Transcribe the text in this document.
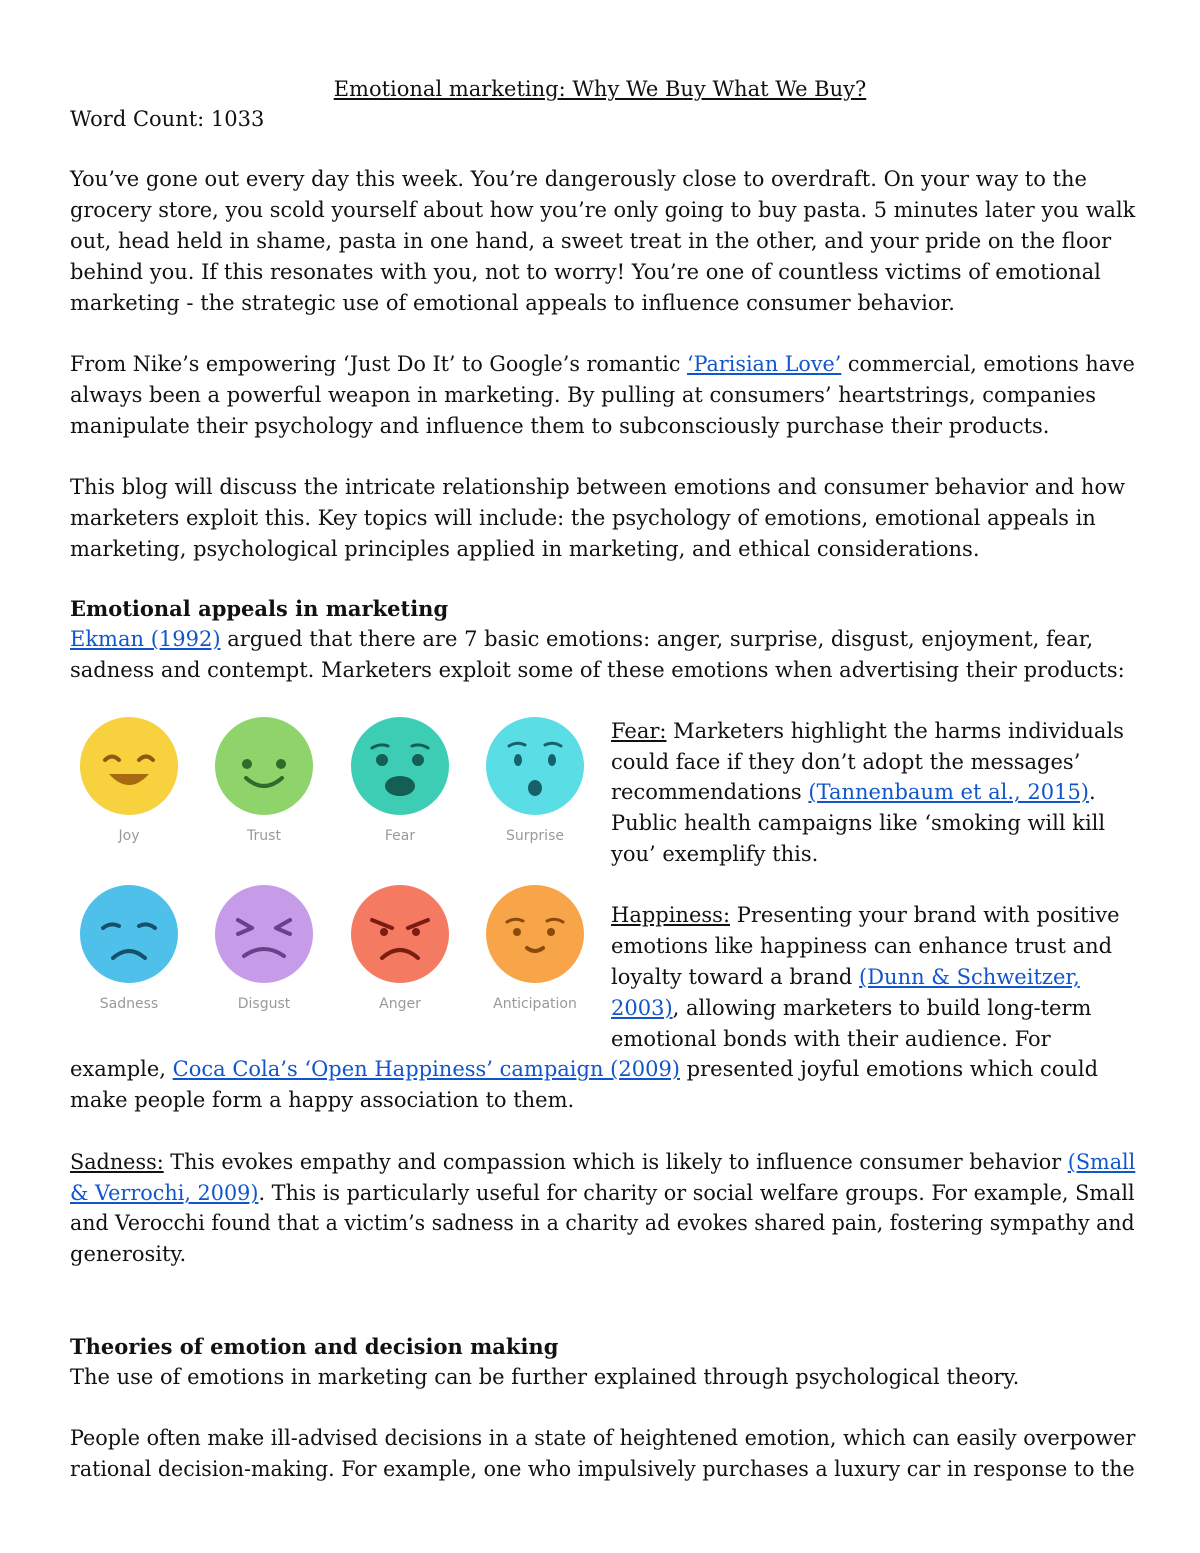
Emotional marketing: Why We Buy What We Buy?
Word Count: 1033
You’ve gone out every day this week. You’re dangerously close to overdraft. On your way to the
grocery store, you scold yourself about how you’re only going to buy pasta. 5 minutes later you walk
out, head held in shame, pasta in one hand, a sweet treat in the other, and your pride on the floor
behind you. If this resonates with you, not to worry! You’re one of countless victims of emotional
marketing - the strategic use of emotional appeals to influence consumer behavior.
From Nike’s empowering ‘Just Do It’ to Google’s romantic ‘Parisian Love’ commercial, emotions have
always been a powerful weapon in marketing. By pulling at consumers’ heartstrings, companies
manipulate their psychology and influence them to subconsciously purchase their products.
This blog will discuss the intricate relationship between emotions and consumer behavior and how
marketers exploit this. Key topics will include: the psychology of emotions, emotional appeals in
marketing, psychological principles applied in marketing, and ethical considerations.
Emotional appeals in marketing
Ekman (1992) argued that there are 7 basic emotions: anger, surprise, disgust, enjoyment, fear,
sadness and contempt. Marketers exploit some of these emotions when advertising their products:
Joy	Trust	Fear	Surprise
Sadness	Disgust	Anger	Anticipation
Fear: Marketers highlight the harms individuals
could face if they don’t adopt the messages’
recommendations (Tannenbaum et al., 2015).
Public health campaigns like ‘smoking will kill
you’ exemplify this.
Happiness: Presenting your brand with positive
emotions like happiness can enhance trust and
loyalty toward a brand (Dunn & Schweitzer,
2003), allowing marketers to build long-term
emotional bonds with their audience. For
example, Coca Cola’s ‘Open Happiness’ campaign (2009) presented joyful emotions which could
make people form a happy association to them.
Sadness: This evokes empathy and compassion which is likely to influence consumer behavior (Small
& Verrochi, 2009). This is particularly useful for charity or social welfare groups. For example, Small
and Verocchi found that a victim’s sadness in a charity ad evokes shared pain, fostering sympathy and
generosity.
Theories of emotion and decision making
The use of emotions in marketing can be further explained through psychological theory.
People often make ill-advised decisions in a state of heightened emotion, which can easily overpower
rational decision-making. For example, one who impulsively purchases a luxury car in response to the
